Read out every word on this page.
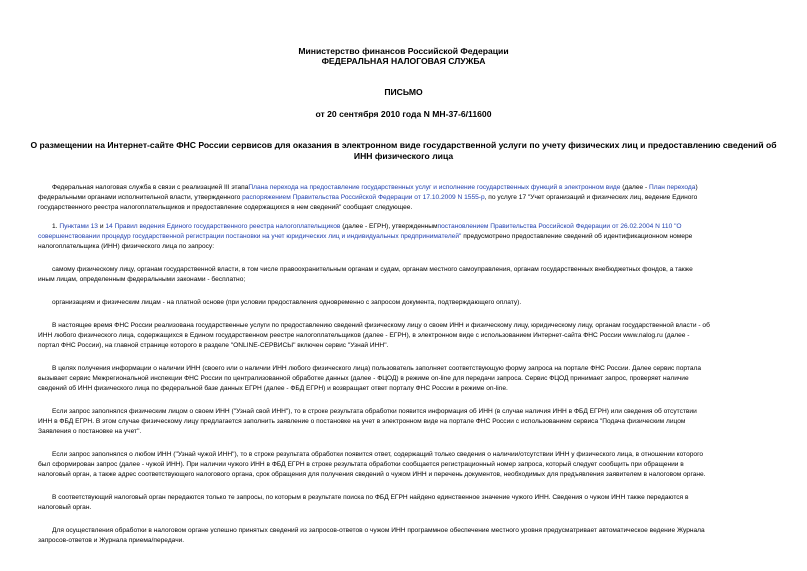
Министерство финансов Российской Федерации
ФЕДЕРАЛЬНАЯ НАЛОГОВАЯ СЛУЖБА
ПИСЬМО
от 20 сентября 2010 года N МН-37-6/11600
О размещении на Интернет-сайте ФНС России сервисов для оказания в электронном виде государственной услуги по учету физических лиц и предоставлению сведений об ИНН физического лица
Федеральная налоговая служба в связи с реализацией III этапаПлана перехода на предоставление государственных услуг и исполнение государственных функций в электронном виде (далее - План перехода)
федеральными органами исполнительной власти, утвержденного распоряжением Правительства Российской Федерации от 17.10.2009 N 1555-р, по услуге 17 "Учет организаций и физических лиц, ведение Единого
государственного реестра налогоплательщиков и предоставление содержащихся в нем сведений" сообщает следующее.
1. Пунктами 13 и 14 Правил ведения Единого государственного реестра налогоплательщиков (далее - ЕГРН), утвержденнымпостановлением Правительства Российской Федерации от 26.02.2004 N 110 "О
совершенствовании процедур государственной регистрации постановки на учет юридических лиц и индивидуальных предпринимателей" предусмотрено предоставление сведений об идентификационном номере
налогоплательщика (ИНН) физического лица по запросу:
самому физическому лицу, органам государственной власти, в том числе правоохранительным органам и судам, органам местного самоуправления, органам государственных внебюджетных фондов, а также
иным лицам, определенным федеральными законами - бесплатно;
организациям и физическим лицам - на платной основе (при условии предоставления одновременно с запросом документа, подтверждающего оплату).
В настоящее время ФНС России реализована государственные услуги по предоставлению сведений физическому лицу о своем ИНН и физическому лицу, юридическому лицу, органам государственной власти - об
ИНН любого физического лица, содержащихся в Едином государственном реестре налогоплательщиков (далее - ЕГРН), в электронном виде с использованием Интернет-сайта ФНС России www.nalog.ru (далее -
портал ФНС России), на главной странице которого в разделе "ONLINE-СЕРВИСЫ" включен сервис "Узнай ИНН".
В целях получения информации о наличии ИНН (своего или о наличии ИНН любого физического лица) пользователь заполняет соответствующую форму запроса на портале ФНС России. Далее сервис портала
вызывает сервис Межрегиональной инспекции ФНС России по централизованной обработке данных (далее - ФЦОД) в режиме on-line для передачи запроса. Сервис ФЦОД принимает запрос, проверяет наличие
сведений об ИНН физического лица по федеральной базе данных ЕГРН (далее - ФБД ЕГРН) и возвращает ответ порталу ФНС России в режиме on-line.
Если запрос заполнялся физическим лицом о своем ИНН ("Узнай свой ИНН"), то в строке результата обработки появится информация об ИНН (в случае наличия ИНН в ФБД ЕГРН) или сведения об отсутствии
ИНН в ФБД ЕГРН. В этом случае физическому лицу предлагается заполнить заявление о постановке на учет в электронном виде на портале ФНС России с использованием сервиса "Подача физическим лицом
Заявления о постановке на учет".
Если запрос заполнялся о любом ИНН ("Узнай чужой ИНН"), то в строке результата обработки появится ответ, содержащий только сведения о наличии/отсутствии ИНН у физического лица, в отношении которого
был сформирован запрос (далее - чужой ИНН). При наличии чужого ИНН в ФБД ЕГРН в строке результата обработки сообщается регистрационный номер запроса, который следует сообщить при обращении в
налоговый орган, а также адрес соответствующего налогового органа, срок обращения для получения сведений о чужом ИНН и перечень документов, необходимых для предъявления заявителем в налоговом органе.
В соответствующий налоговый орган передаются только те запросы, по которым в результате поиска по ФБД ЕГРН найдено единственное значение чужого ИНН. Сведения о чужом ИНН также передаются в
налоговый орган.
Для осуществления обработки в налоговом органе успешно принятых сведений из запросов-ответов о чужом ИНН программное обеспечение местного уровня предусматривает автоматическое ведение Журнала
запросов-ответов и Журнала приема/передачи.
